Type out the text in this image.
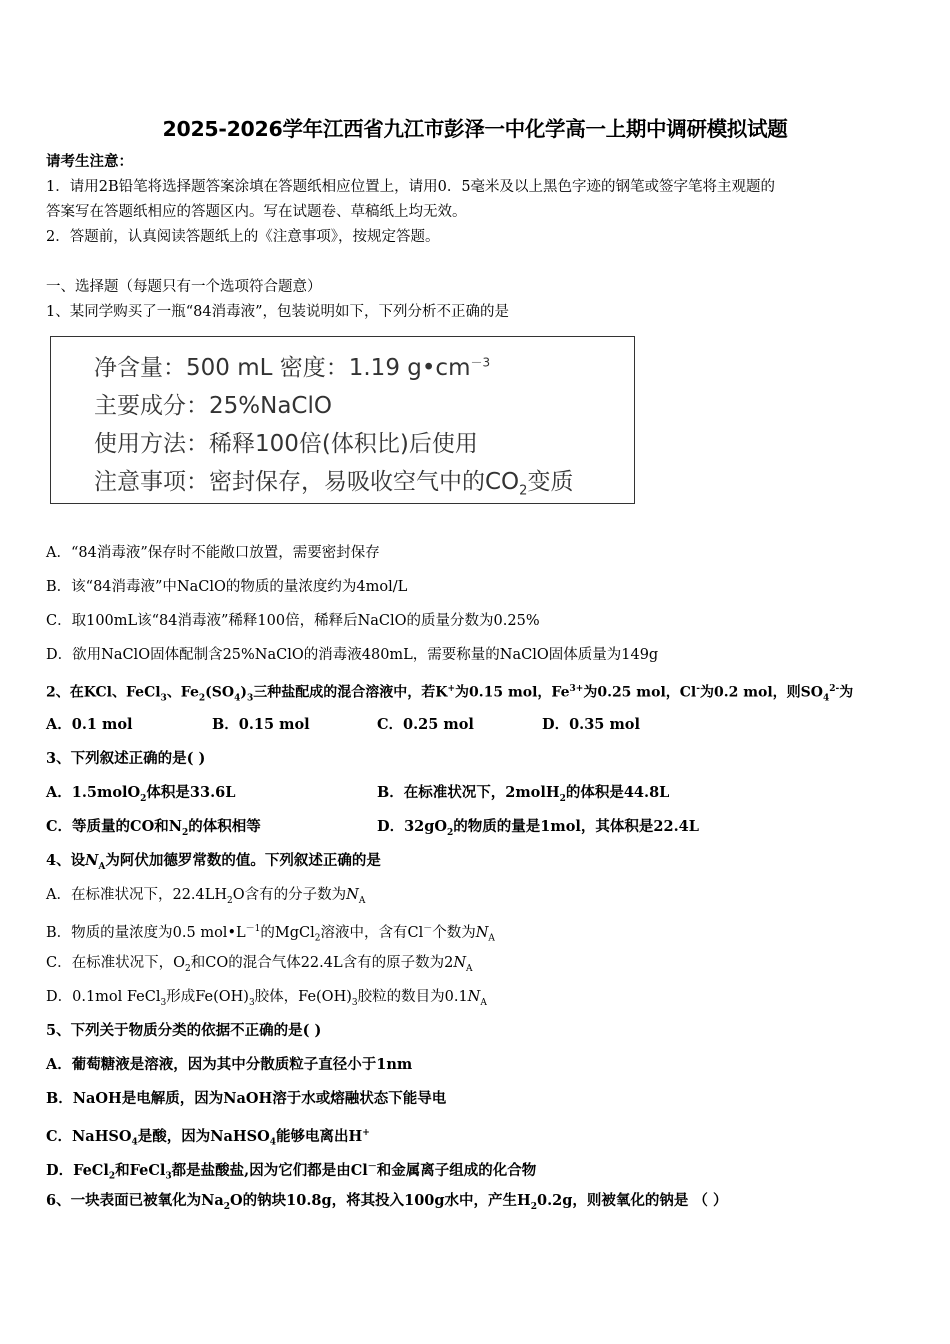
2025-2026学年江西省九江市彭泽一中化学高一上期中调研模拟试题
请考生注意：
1．请用2B铅笔将选择题答案涂填在答题纸相应位置上，请用0．5毫米及以上黑色字迹的钢笔或签字笔将主观题的
答案写在答题纸相应的答题区内。写在试题卷、草稿纸上均无效。
2．答题前，认真阅读答题纸上的《注意事项》，按规定答题。
一、选择题（每题只有一个选项符合题意）
1、某同学购买了一瓶“84消毒液”，包装说明如下，下列分析不正确的是
净含量：500 mL 密度：1.19 $g•cm^{-3}$
主要成分：25%NaClO
使用方法：稀释100倍(体积比)后使用
注意事项：密封保存，易吸收空气中的$CO_2$变质
A．“84消毒液”保存时不能敞口放置，需要密封保存
B．该“84消毒液”中NaClO的物质的量浓度约为4mol/L
C．取100mL该“84消毒液”稀释100倍，稀释后NaClO的质量分数为0.25%
D．欲用NaClO固体配制含25%NaClO的消毒液480mL，需要称量的NaClO固体质量为149g
2、在KCl、FeCl$_3$、$Fe_2(SO_4)_3$三种盐配成的混合溶液中，若K+为0.15 mol，$Fe^{3+}$为0.25 mol，Cl-为0.2 mol，则$SO_4^{2-}$为
A．0.1 mol	B．0.15 mol	C．0.25 mol	D．0.35 mol
3、下列叙述正确的是( )
A．1.5molO$_2$体积是33.6L	B．在标准状况下，2molH$_2$的体积是44.8L
C．等质量的CO和$N_2$的体积相等	D．$32gO_2$的物质的量是1mol，其体积是22.4L
4、设$N_A$为阿伏加德罗常数的值。下列叙述正确的是
A．在标准状况下，$22.4LH_2O$含有的分子数为$N_A$
B．物质的量浓度为0.5 $mol•L^{-1}$的MgCl$_2$溶液中，含有Cl－个数为$N_A$
C．在标准状况下，$O_2$和CO的混合气体22.4L含有的原子数为$2N_A$
D．0.1mol FeCl$_3$形成$Fe(OH)_3$胶体，$Fe(OH)_3$胶粒的数目为$0.1N_A$
5、下列关于物质分类的依据不正确的是( )
A．葡萄糖液是溶液，因为其中分散质粒子直径小于1nm
B．NaOH是电解质，因为NaOH溶于水或熔融状态下能导电
C．NaHSO$_4$是酸，因为NaHSO$_4$能够电离出H+
D．FeCl$_2$和FeCl$_3$都是盐酸盐,因为它们都是由Cl－和金属离子组成的化合物
6、一块表面已被氧化为$Na_2O$的钠块10.8g，将其投入100g水中，产生$H_20.2g$，则被氧化的钠是 （ ）
